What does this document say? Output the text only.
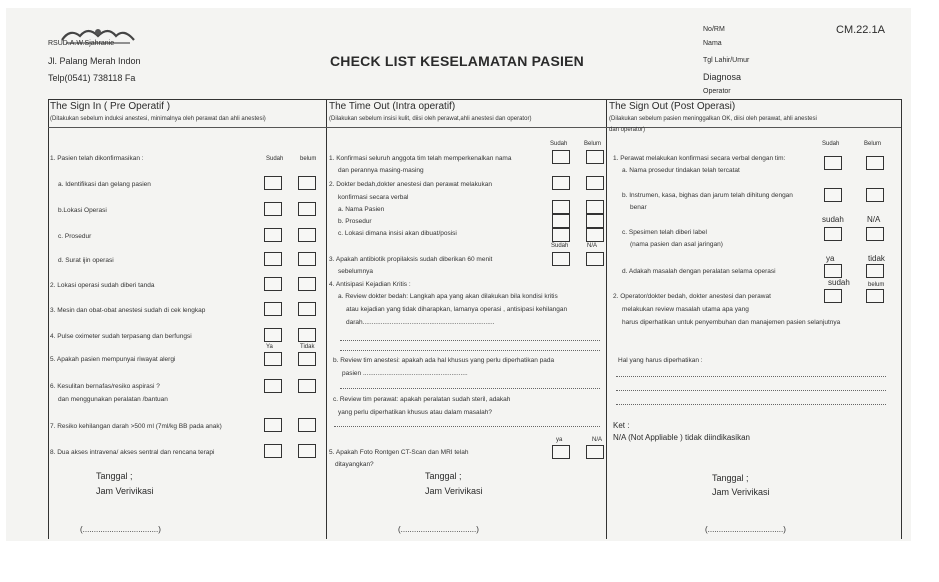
RSUD.A.W.Sjahranie
Jl. Palang Merah Indon
Telp(0541) 738118 Fa
CHECK LIST KESELAMATAN PASIEN
CM.22.1A
No/RM
Nama
Tgl Lahir/Umur
Diagnosa
Operator
The Sign In ( Pre Operatif )
(Ditakukan sebelum induksi anestesi, minimalnya oleh perawat dan ahli anestesi)
Sudah	belum
1. Pasien telah dikonfirmasikan :
a. Identifikasi dan gelang pasien
b.Lokasi Operasi
c. Prosedur
d. Surat ijin operasi
2. Lokasi operasi sudah diberi tanda
3. Mesin dan obat-obat anestesi sudah di cek lengkap
4. Pulse oximeter sudah terpasang dan berfungsi
Ya	Tidak
5. Apakah pasien mempunyai riwayat alergi
6. Kesulitan bernafas/resiko aspirasi ?
dan menggunakan peralatan /bantuan
7. Resiko kehilangan darah >500 ml (7ml/kg BB pada anak)
8. Dua akses intravena/ akses sentral dan rencana terapi
Tanggal ;
Jam Verivikasi
(..................................)
The Time Out (Intra operatif)
(Dilakukan sebelum insisi kulit, diisi oleh perawat,ahli anestesi dan operator)
Sudah	Belum
1. Konfirmasi seluruh anggota tim telah memperkenalkan nama
dan perannya masing-masing
2. Dokter bedah,dokter anestesi dan perawat melakukan
konfirmasi secara verbal
a. Nama Pasien
b. Prosedur
c. Lokasi dimana insisi akan dibuat/posisi
Sudah	N/A
3. Apakah antibiotik propilaksis sudah diberikan 60 menit
sebelumnya
4. Antisipasi Kejadian Kritis :
a. Review dokter bedah: Langkah apa yang akan dilakukan bila kondisi kritis
atau kejadian yang tidak diharapkan, lamanya operasi , antisipasi kehilangan
darah.........................................................................
b. Review tim anestesi: apakah ada hal khusus yang perlu diperhatikan pada
pasien ..........................................................
c. Review tim perawat: apakah peralatan sudah steril, adakah
yang perlu diperhatikan khusus atau dalam masalah?
ya	N/A
5. Apakah Foto Rontgen CT-Scan dan MRI telah
ditayangkan?
Tanggal ;
Jam Verivikasi
(..................................)
The Sign Out (Post Operasi)
(Dilakukan sebelum pasien meninggalkan OK, diisi oleh perawat, ahli anestesi
dan operator)
Sudah	Belum
1. Perawat melakukan konfirmasi secara verbal dengan tim:
a. Nama prosedur tindakan telah tercatat
b. Instrumen, kasa, bighas dan jarum telah dihitung dengan
benar
sudah	N/A
c. Spesimen telah diberi label
(nama pasien dan asal jaringan)
ya	tidak
d. Adakah masalah dengan peralatan selama operasi
sudah	belum
2. Operator/dokter bedah, dokter anestesi dan perawat
melakukan review masalah utama apa yang
harus diperhatikan untuk penyembuhan dan manajemen pasien selanjutnya
Hal yang harus diperhatikan :
Ket :
N/A (Not Appliable ) tidak diindikasikan
Tanggal ;
Jam Verivikasi
(..................................)
